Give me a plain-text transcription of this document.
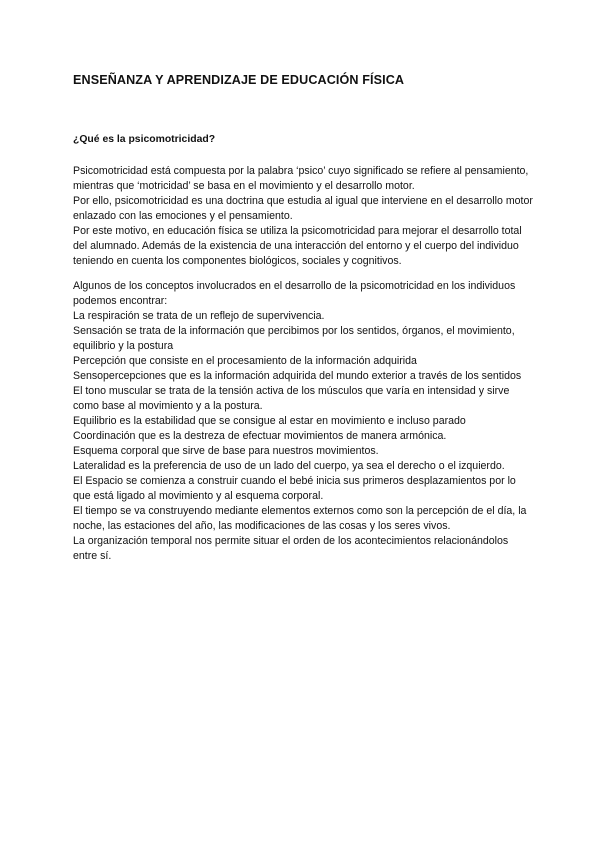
ENSEÑANZA Y APRENDIZAJE DE EDUCACIÓN FÍSICA
¿Qué es la psicomotricidad?

Psicomotricidad está compuesta por la palabra ‘psico’ cuyo significado se refiere al pensamiento, mientras que ‘motricidad’ se basa en el movimiento y el desarrollo motor.

Por ello, psicomotricidad es una doctrina que estudia al igual que interviene en el desarrollo motor enlazado con las emociones y el pensamiento.

Por este motivo, en educación física se utiliza la psicomotricidad para mejorar el desarrollo total del alumnado. Además de la existencia de una interacción del entorno y el cuerpo del individuo teniendo en cuenta los componentes biológicos, sociales y cognitivos.

Algunos de los conceptos involucrados en el desarrollo de la psicomotricidad en los individuos podemos encontrar:

La respiración se trata de un reflejo de supervivencia.

Sensación se trata de la información que percibimos por los sentidos, órganos, el movimiento, equilibrio y la postura

Percepción que consiste en el procesamiento de la información adquirida

Sensopercepciones que es la información adquirida del mundo exterior a través de los sentidos

El tono muscular se trata de la tensión activa de los músculos que varía en intensidad y sirve como base al movimiento y a la postura.

Equilibrio es la estabilidad que se consigue al estar en movimiento e incluso parado

Coordinación que es la destreza de efectuar movimientos de manera armónica.

Esquema corporal que sirve de base para nuestros movimientos.

Lateralidad es la preferencia de uso de un lado del cuerpo, ya sea el derecho o el izquierdo.

El Espacio se comienza a construir cuando el bebé inicia sus primeros desplazamientos por lo que está ligado al movimiento y al esquema corporal.

El tiempo se va construyendo mediante elementos externos como son la percepción de el día, la noche, las estaciones del año, las modificaciones de las cosas y los seres vivos.

La organización temporal nos permite situar el orden de los acontecimientos relacionándolos entre sí.
